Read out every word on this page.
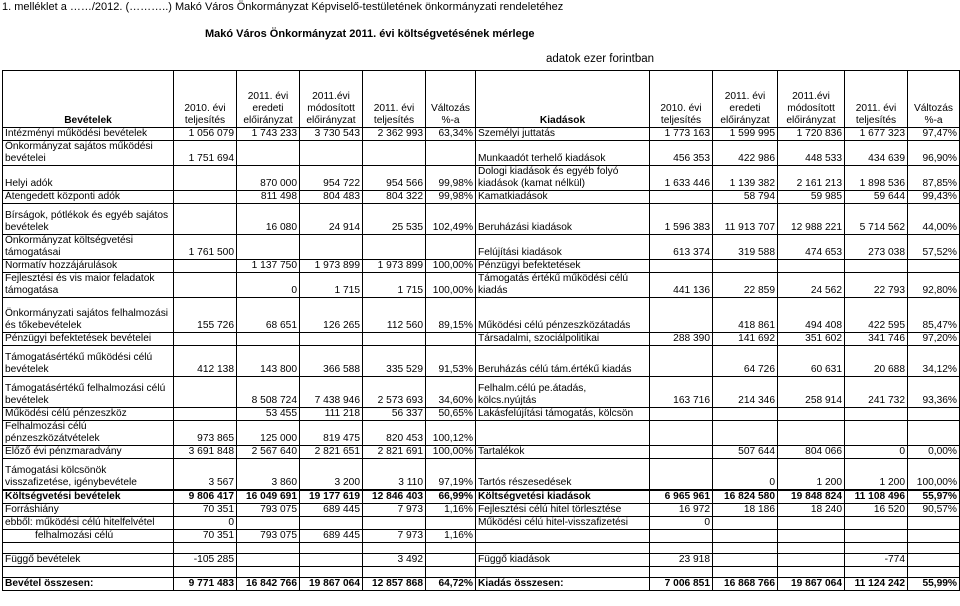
1. melléklet a ……/2012. (………..) Makó Város Önkormányzat Képviselő-testületének önkormányzati rendeletéhez
Makó Város Önkormányzat 2011. évi költségvetésének mérlege
adatok ezer forintban
Bevételek	2010. évi teljesítés	2011. évi eredeti előirányzat	2011.évi módosított előirányzat	2011. évi teljesítés	Változás %-a	Kiadások	2010. évi teljesítés	2011. évi eredeti előirányzat	2011.évi módosított előirányzat	2011. évi teljesítés	Változás %-a
Intézményi működési bevételek	1 056 079	1 743 233	3 730 543	2 362 993	63,34%	Személyi juttatás	1 773 163	1 599 995	1 720 836	1 677 323	97,47%
Önkormányzat sajátos működési bevételei	1 751 694					Munkaadót terhelő kiadások	456 353	422 986	448 533	434 639	96,90%
Helyi adók		870 000	954 722	954 566	99,98%	Dologi kiadások és egyéb folyó kiadások (kamat nélkül)	1 633 446	1 139 382	2 161 213	1 898 536	87,85%
Átengedett központi adók		811 498	804 483	804 322	99,98%	Kamatkiadások		58 794	59 985	59 644	99,43%
Bírságok, pótlékok és egyéb sajátos bevételek		16 080	24 914	25 535	102,49%	Beruházási kiadások	1 596 383	11 913 707	12 988 221	5 714 562	44,00%
Önkormányzat költségvetési támogatásai	1 761 500					Felújítási kiadások	613 374	319 588	474 653	273 038	57,52%
Normatív hozzájárulások		1 137 750	1 973 899	1 973 899	100,00%	Pénzügyi befektetések					
Fejlesztési és vis maior feladatok támogatása		0	1 715	1 715	100,00%	Támogatás értékű működési célú kiadás	441 136	22 859	24 562	22 793	92,80%
Önkormányzati sajátos felhalmozási és tőkebevételek	155 726	68 651	126 265	112 560	89,15%	Működési célú pénzeszközátadás		418 861	494 408	422 595	85,47%
Pénzügyi befektetések bevételei						Társadalmi, szociálpolitikai	288 390	141 692	351 602	341 746	97,20%
Támogatásértékű működési célú bevételek	412 138	143 800	366 588	335 529	91,53%	Beruházás célú tám.értékű kiadás		64 726	60 631	20 688	34,12%
Támogatásértékű felhalmozási célú bevételek		8 508 724	7 438 946	2 573 693	34,60%	Felhalm.célú pe.átadás, kölcs.nyújtás	163 716	214 346	258 914	241 732	93,36%
Működési célú pénzeszköz		53 455	111 218	56 337	50,65%	Lakásfelújítási támogatás, kölcsön					
Felhalmozási célú pénzeszközátvételek	973 865	125 000	819 475	820 453	100,12%						
Előző évi pénzmaradvány	3 691 848	2 567 640	2 821 651	2 821 691	100,00%	Tartalékok		507 644	804 066	0	0,00%
Támogatási kölcsönök visszafizetése, igénybevétele	3 567	3 860	3 200	3 110	97,19%	Tartós részesedések		0	1 200	1 200	100,00%
Költségvetési bevételek	9 806 417	16 049 691	19 177 619	12 846 403	66,99%	Költségvetési kiadások	6 965 961	16 824 580	19 848 824	11 108 496	55,97%
Forráshiány	70 351	793 075	689 445	7 973	1,16%	Fejlesztési célú hitel törlesztése	16 972	18 186	18 240	16 520	90,57%
ebből: működési célú hitelfelvétel	0					Működési célú hitel-visszafizetési	0				
felhalmozási célú	70 351	793 075	689 445	7 973	1,16%						

Függő bevételek	-105 285			3 492		Függő kiadások	23 918			-774	

Bevétel összesen:	9 771 483	16 842 766	19 867 064	12 857 868	64,72%	Kiadás összesen:	7 006 851	16 868 766	19 867 064	11 124 242	55,99%
